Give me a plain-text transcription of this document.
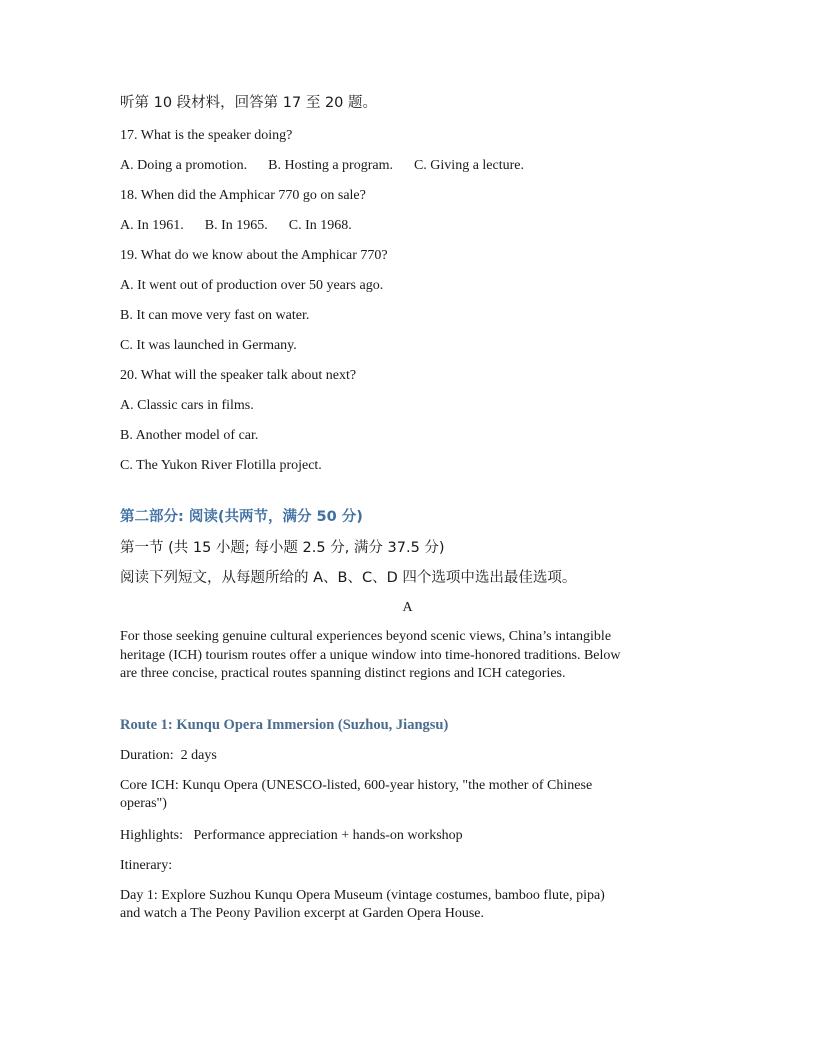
听第 10 段材料，回答第 17 至 20 题。

17. What is the speaker doing?

A. Doing a promotion.      B. Hosting a program.      C. Giving a lecture.

18. When did the Amphicar 770 go on sale?

A. In 1961.      B. In 1965.      C. In 1968.

19. What do we know about the Amphicar 770?

A. It went out of production over 50 years ago.

B. It can move very fast on water.

C. It was launched in Germany.

20. What will the speaker talk about next?

A. Classic cars in films.

B. Another model of car.

C. The Yukon River Flotilla project.

第二部分: 阅读(共两节，满分 50 分)

第一节 (共 15 小题; 每小题 2.5 分, 满分 37.5 分)

阅读下列短文，从每题所给的 A、B、C、D 四个选项中选出最佳选项。

A

For those seeking genuine cultural experiences beyond scenic views, China’s intangible

heritage (ICH) tourism routes offer a unique window into time-honored traditions. Below

are three concise, practical routes spanning distinct regions and ICH categories.

Route 1: Kunqu Opera Immersion (Suzhou, Jiangsu)

Duration:  2 days

Core ICH: Kunqu Opera (UNESCO-listed, 600-year history, "the mother of Chinese

operas")

Highlights:   Performance appreciation + hands-on workshop

Itinerary:

Day 1: Explore Suzhou Kunqu Opera Museum (vintage costumes, bamboo flute, pipa)

and watch a The Peony Pavilion excerpt at Garden Opera House.
